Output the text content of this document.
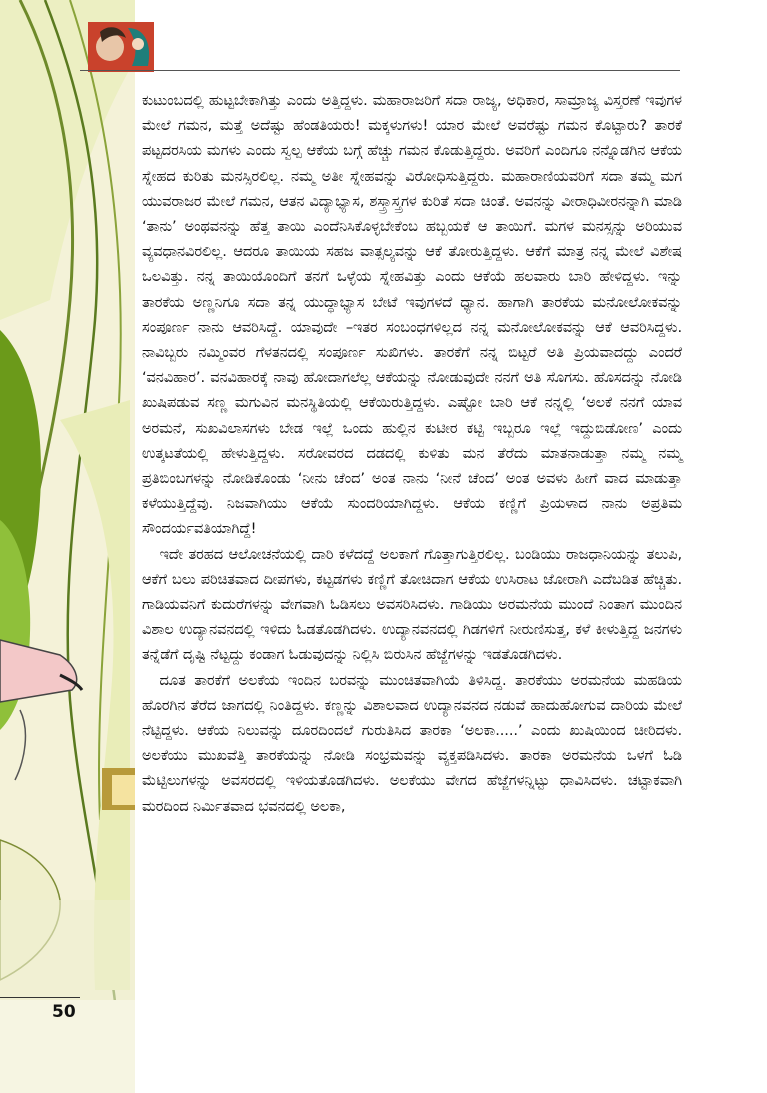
50

ಕುಟುಂಬದಲ್ಲಿ ಹುಟ್ಟಬೇಕಾಗಿತ್ತು ಎಂದು ಅತ್ತಿದ್ದಳು. ಮಹಾರಾಜರಿಗೆ ಸದಾ ರಾಜ್ಯ, ಅಧಿಕಾರ, ಸಾಮ್ರಾಜ್ಯ ವಿಸ್ತರಣೆ ಇವುಗಳ ಮೇಲೆ ಗಮನ, ಮತ್ತೆ ಅದೆಷ್ಟು ಹೆಂಡತಿಯರು! ಮಕ್ಕಳುಗಳು! ಯಾರ ಮೇಲೆ ಅವರೆಷ್ಟು ಗಮನ ಕೊಟ್ಟಾರು? ತಾರಕೆ ಪಟ್ಟದರಸಿಯ ಮಗಳು ಎಂದು ಸ್ವಲ್ಪ ಆಕೆಯ ಬಗ್ಗೆ ಹೆಚ್ಚು ಗಮನ ಕೊಡುತ್ತಿದ್ದರು. ಅವರಿಗೆ ಎಂದಿಗೂ ನನ್ನೊಡಗಿನ ಆಕೆಯ ಸ್ನೇಹದ ಕುರಿತು ಮನಸ್ಸಿರಲಿಲ್ಲ. ನಮ್ಮ ಅತೀ ಸ್ನೇಹವನ್ನು ವಿರೋಧಿಸುತ್ತಿದ್ದರು. ಮಹಾರಾಣಿಯವರಿಗೆ ಸದಾ ತಮ್ಮ ಮಗ ಯುವರಾಜರ ಮೇಲೆ ಗಮನ, ಆತನ ವಿದ್ಯಾಭ್ಯಾಸ, ಶಸ್ತ್ರಾಸ್ತ್ರಗಳ ಕುರಿತೆ ಸದಾ ಚಿಂತೆ. ಅವನನ್ನು ವೀರಾಧಿವೀರನನ್ನಾಗಿ ಮಾಡಿ ‘ತಾನು’ ಅಂಥವನನ್ನು ಹೆತ್ತ ತಾಯಿ ಎಂದೆನಿಸಿಕೊಳ್ಳಬೇಕೆಂಬ ಹಬ್ಬಯಕೆ ಆ ತಾಯಿಗೆ. ಮಗಳ ಮನಸ್ಸನ್ನು ಅರಿಯುವ ವ್ಯವಧಾನವಿರಲಿಲ್ಲ. ಆದರೂ ತಾಯಿಯ ಸಹಜ ವಾತ್ಸಲ್ಯವನ್ನು ಆಕೆ ತೋರುತ್ತಿದ್ದಳು. ಆಕೆಗೆ ಮಾತ್ರ ನನ್ನ ಮೇಲೆ ವಿಶೇಷ ಒಲವಿತ್ತು. ನನ್ನ ತಾಯಿಯೊಂದಿಗೆ ತನಗೆ ಒಳ್ಳೆಯ ಸ್ನೇಹವಿತ್ತು ಎಂದು ಆಕೆಯೆ ಹಲವಾರು ಬಾರಿ ಹೇಳಿದ್ದಳು. ಇನ್ನು ತಾರಕೆಯ ಅಣ್ಣನಿಗೂ ಸದಾ ತನ್ನ ಯುದ್ಧಾಭ್ಯಾಸ ಬೇಟೆ ಇವುಗಳದೆ ಧ್ಯಾನ. ಹಾಗಾಗಿ ತಾರಕೆಯ ಮನೋಲೋಕವನ್ನು ಸಂಪೂರ್ಣ ನಾನು ಆವರಿಸಿದ್ದೆ. ಯಾವುದೇ –ಇತರ ಸಂಬಂಧಗಳಿಲ್ಲದ ನನ್ನ ಮನೋಲೋಕವನ್ನು ಆಕೆ ಆವರಿಸಿದ್ದಳು. ನಾವಿಬ್ಬರು ನಮ್ಮಿಂವರ ಗೆಳತನದಲ್ಲಿ ಸಂಪೂರ್ಣ ಸುಖಿಗಳು. ತಾರಕೆಗೆ ನನ್ನ ಬಿಟ್ಟರೆ ಅತಿ ಪ್ರಿಯವಾದದ್ದು ಎಂದರೆ ‘ವನವಿಹಾರ’. ವನವಿಹಾರಕ್ಕೆ ನಾವು ಹೋದಾಗಲೆಲ್ಲ ಆಕೆಯನ್ನು ನೋಡುವುದೇ ನನಗೆ ಅತಿ ಸೊಗಸು. ಹೊಸದನ್ನು ನೋಡಿ ಖುಷಿಪಡುವ ಸಣ್ಣ ಮಗುವಿನ ಮನಸ್ಥಿತಿಯಲ್ಲಿ ಆಕೆಯಿರುತ್ತಿದ್ದಳು. ಎಷ್ಟೋ ಬಾರಿ ಆಕೆ ನನ್ನಲ್ಲಿ ‘ಅಲಕೆ ನನಗೆ ಯಾವ ಅರಮನೆ, ಸುಖವಿಲಾಸಗಳು ಬೇಡ ಇಲ್ಲೆ ಒಂದು ಹುಲ್ಲಿನ ಕುಟೀರ ಕಟ್ಟಿ ಇಬ್ಬರೂ ಇಲ್ಲೆ ಇದ್ದುಬಿಡೋಣ’ ಎಂದು ಉತ್ಕಟತೆಯಲ್ಲಿ ಹೇಳುತ್ತಿದ್ದಳು. ಸರೋವರದ ದಡದಲ್ಲಿ ಕುಳಿತು ಮನ ತೆರೆದು ಮಾತನಾಡುತ್ತಾ ನಮ್ಮ ನಮ್ಮ ಪ್ರತಿಬಿಂಬಗಳನ್ನು ನೋಡಿಕೊಂಡು ‘ನೀನು ಚೆಂದ’ ಅಂತ ನಾನು ‘ನೀನೆ ಚೆಂದ’ ಅಂತ ಅವಳು ಹೀಗೆ ವಾದ ಮಾಡುತ್ತಾ ಕಳೆಯುತ್ತಿದ್ದೆವು. ನಿಜವಾಗಿಯು ಆಕೆಯೆ ಸುಂದರಿಯಾಗಿದ್ದಳು. ಆಕೆಯ ಕಣ್ಣಿಗೆ ಪ್ರಿಯಳಾದ ನಾನು ಅಪ್ರತಿಮ ಸೌಂದರ್ಯವತಿಯಾಗಿದ್ದೆ!

ಇದೇ ತರಹದ ಆಲೋಚನೆಯಲ್ಲಿ ದಾರಿ ಕಳೆದದ್ದೆ ಅಲಕಾಗೆ ಗೊತ್ತಾಗುತ್ತಿರಲಿಲ್ಲ. ಬಂಡಿಯು ರಾಜಧಾನಿಯನ್ನು ತಲುಪಿ, ಆಕೆಗೆ ಬಲು ಪರಿಚಿತವಾದ ದೀಪಗಳು, ಕಟ್ಟಡಗಳು ಕಣ್ಣಿಗೆ ತೋಚಿದಾಗ ಆಕೆಯ ಉಸಿರಾಟ ಜೋರಾಗಿ ಎದೆಬಡಿತ ಹೆಚ್ಚಿತು. ಗಾಡಿಯವನಿಗೆ ಕುದುರೆಗಳನ್ನು ವೇಗವಾಗಿ ಓಡಿಸಲು ಅವಸರಿಸಿದಳು. ಗಾಡಿಯು ಅರಮನೆಯ ಮುಂದೆ ನಿಂತಾಗ ಮುಂದಿನ ವಿಶಾಲ ಉದ್ಯಾನವನದಲ್ಲಿ ಇಳಿದು ಓಡತೊಡಗಿದಳು. ಉದ್ಯಾನವನದಲ್ಲಿ ಗಿಡಗಳಿಗೆ ನೀರುಣಿಸುತ್ತ, ಕಳೆ ಕೀಳುತ್ತಿದ್ದ ಜನಗಳು ತನ್ನೆಡೆಗೆ ದೃಷ್ಟಿ ನೆಟ್ಟದ್ದು ಕಂಡಾಗ ಓಡುವುದನ್ನು ನಿಲ್ಲಿಸಿ ಬಿರುಸಿನ ಹೆಜ್ಜೆಗಳನ್ನು ಇಡತೊಡಗಿದಳು.

ದೂತ ತಾರಕೆಗೆ ಅಲಕೆಯ ಇಂದಿನ ಬರವನ್ನು ಮುಂಚಿತವಾಗಿಯೆ ತಿಳಿಸಿದ್ದ. ತಾರಕೆಯು ಅರಮನೆಯ ಮಹಡಿಯ ಹೊರಗಿನ ತೆರೆದ ಜಾಗದಲ್ಲಿ ನಿಂತಿದ್ದಳು. ಕಣ್ಣನ್ನು ವಿಶಾಲವಾದ ಉದ್ಯಾನವನದ ನಡುವೆ ಹಾದುಹೋಗುವ ದಾರಿಯ ಮೇಲೆ ನೆಟ್ಟಿದ್ದಳು. ಆಕೆಯ ನಿಲುವನ್ನು ದೂರದಿಂದಲೆ ಗುರುತಿಸಿದ ತಾರಕಾ ‘ಅಲಕಾ.....’ ಎಂದು ಖುಷಿಯಿಂದ ಚೀರಿದಳು. ಅಲಕೆಯು ಮುಖವೆತ್ತಿ ತಾರಕೆಯನ್ನು ನೋಡಿ ಸಂಭ್ರಮವನ್ನು ವ್ಯಕ್ತಪಡಿಸಿದಳು. ತಾರಕಾ ಅರಮನೆಯ ಒಳಗೆ ಓಡಿ ಮೆಟ್ಟಿಲುಗಳನ್ನು ಅವಸರದಲ್ಲಿ ಇಳಿಯತೊಡಗಿದಳು. ಅಲಕೆಯು ವೇಗದ ಹೆಜ್ಜೆಗಳನ್ನಿಟ್ಟು ಧಾವಿಸಿದಳು. ಚಟ್ಟಾಕವಾಗಿ ಮರದಿಂದ ನಿರ್ಮಿತವಾದ ಭವನದಲ್ಲಿ ಅಲಕಾ,
